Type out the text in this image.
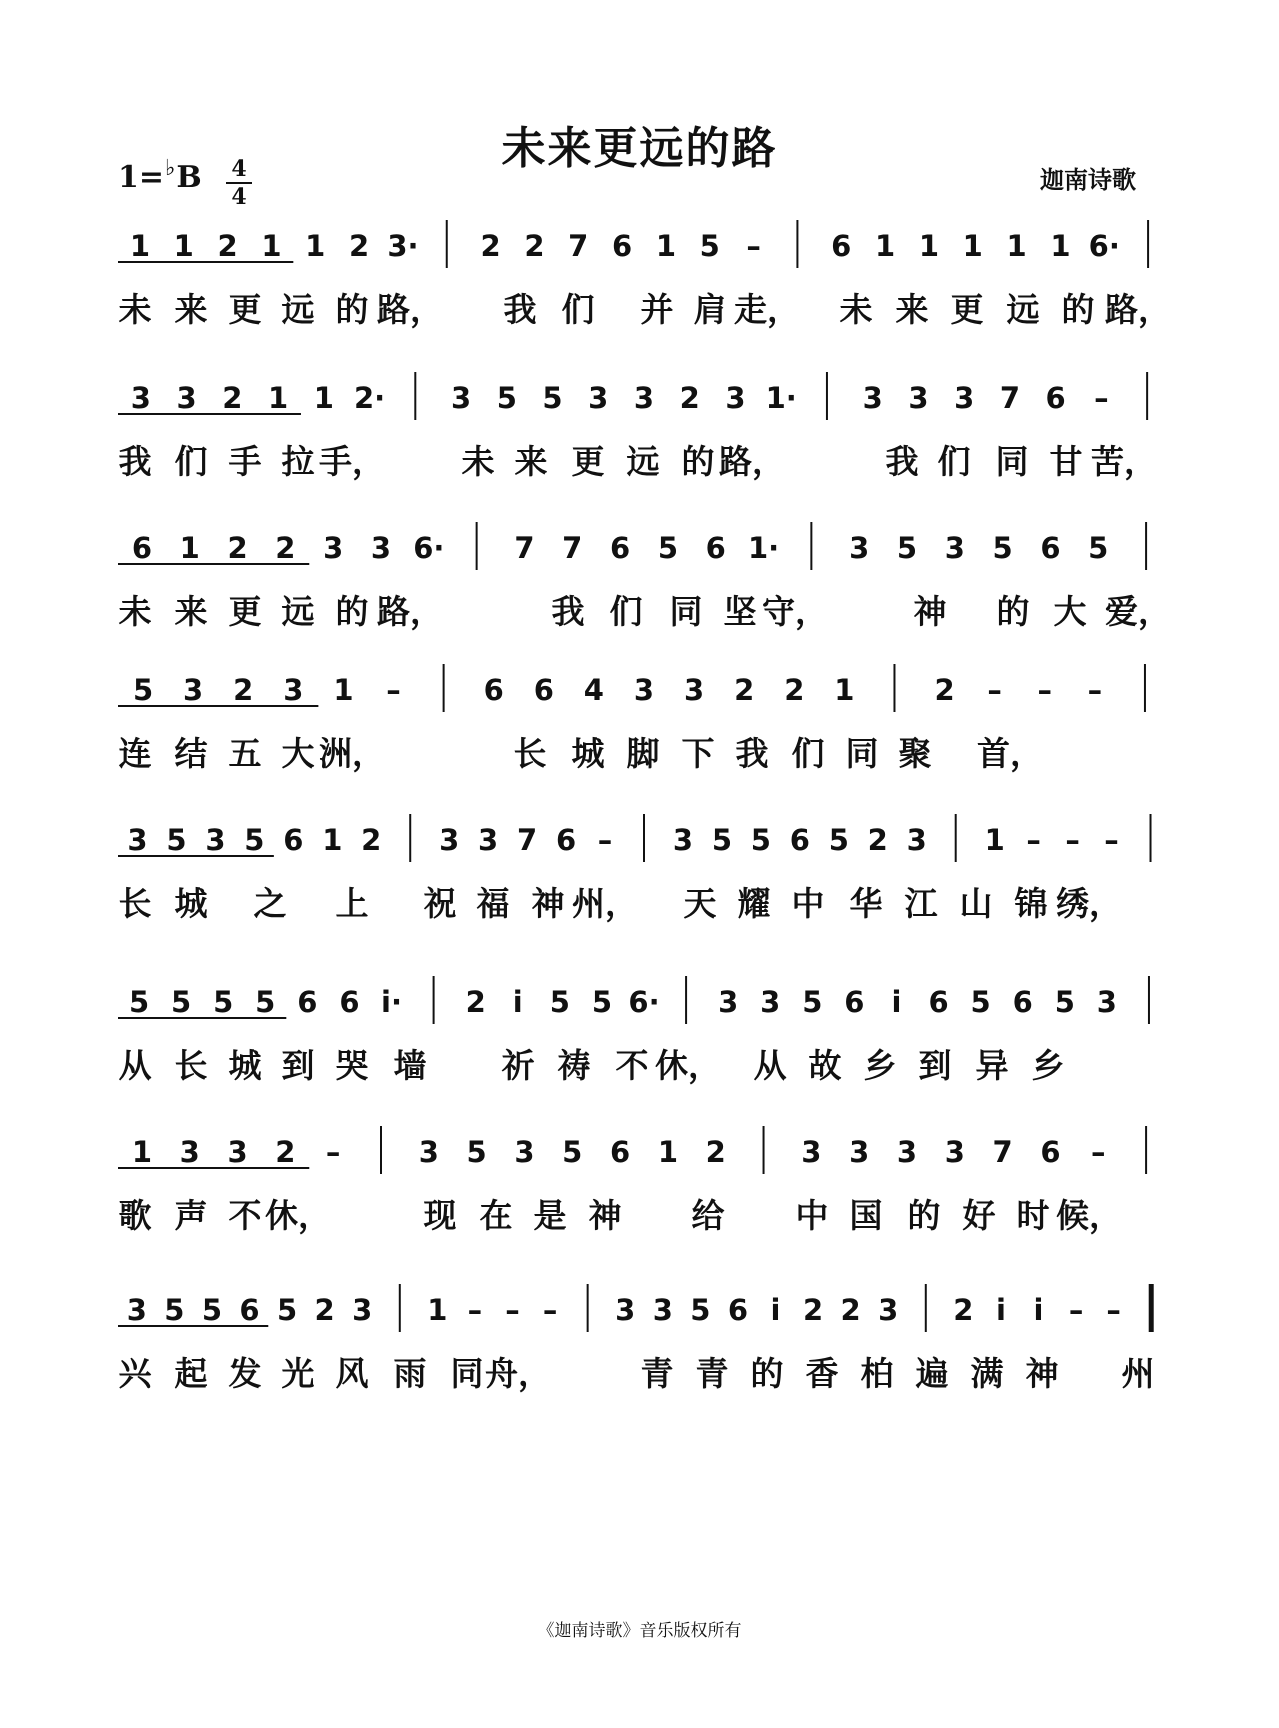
未来更远的路
1=♭B 4
4
迦南诗歌
1 1 2 1 1 2 3· 2 2 7 6 1 5 – 6 1 1 1 1 1 6·
未 来 更 远 的 路， 我 们 并 肩 走， 未 来 更 远 的 路，
3 3 2 1 1 2· 3 5 5 3 3 2 3 1· 3 3 3 7 6 –
我 们 手 拉 手， 未 来 更 远 的 路，	我 们 同 甘 苦，
6 1 2 2 3 3 6· 7 7 6 5 6 1· 3 5 3 5 6 5
未 来 更 远 的 路，	我 们 同 坚 守，	神 的 大 爱，
5 3 2 3 1 –	6 6 4 3 3 2 2 1	2 – – –
连 结 五 大 洲，	长 城 脚 下 我 们 同 聚 首，
3 5 3 5 6 1 2 3 3 7 6 – 3 5 5 6 5 2 3 1 – – –
长 城 之 上 祝 福 神 州， 天 耀 中 华 江 山 锦 绣，
5 5 5 5 6 6 i· 2 i 5 5 6· 3 3 5 6 i 6 5 6 5 3
从 长 城 到 哭 墙 祈 祷 不 休， 从 故 乡 到 异 乡
1 3 3 2 –	3 5 3 5 6 1 2	3 3 3 3 7 6 –
歌 声 不 休，	现 在 是 神 给 中 国 的 好 时 候，
3 5 5 6 5 2 3 1 – – – 3 3 5 6 i 2 2 3 2 i i – –
兴 起 发 光 风 雨 同 舟，	青 青 的 香 柏 遍 满 神 州
《迦南诗歌》音乐版权所有
